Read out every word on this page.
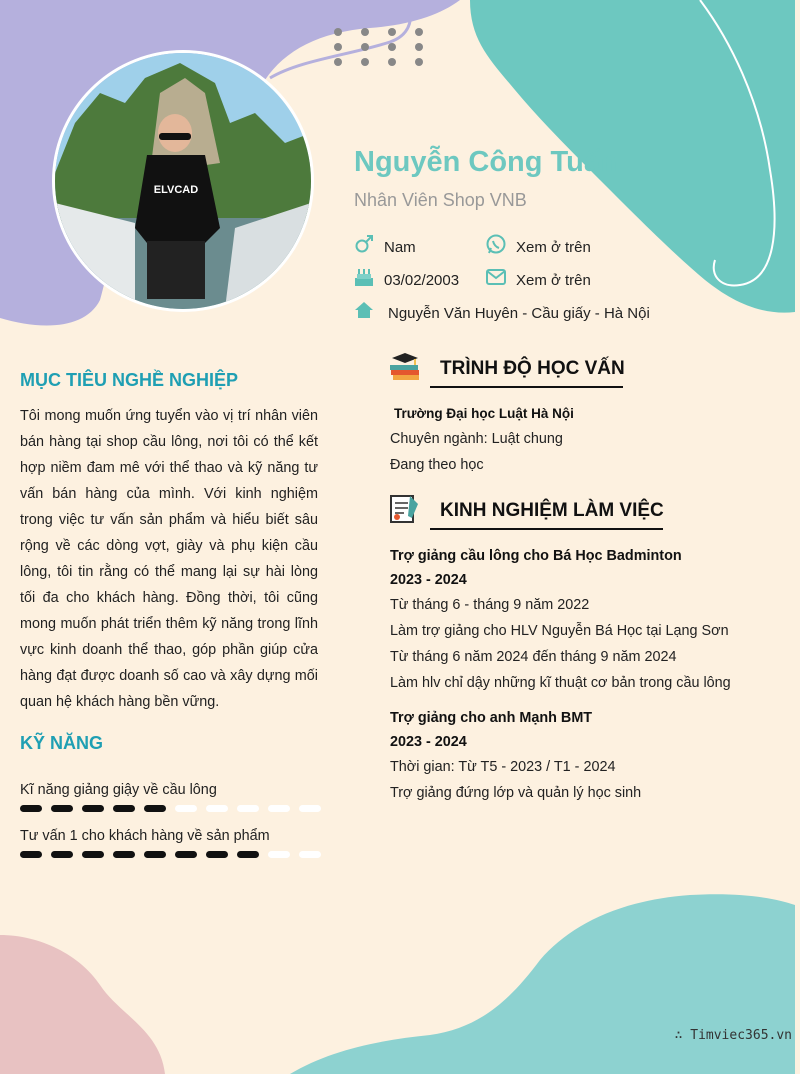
ELVCAD
Nguyễn Công Tuấn
Nhân Viên Shop VNB
Nam	Xem ở trên
03/02/2003	Xem ở trên
Nguyễn Văn Huyên - Cầu giấy - Hà Nội
MỤC TIÊU NGHỀ NGHIỆP
Tôi mong muốn ứng tuyển vào vị trí nhân viên bán hàng tại shop cầu lông, nơi tôi có thể kết hợp niềm đam mê với thể thao và kỹ năng tư vấn bán hàng của mình. Với kinh nghiệm trong việc tư vấn sản phẩm và hiểu biết sâu rộng về các dòng vợt, giày và phụ kiện cầu lông, tôi tin rằng có thể mang lại sự hài lòng tối đa cho khách hàng. Đồng thời, tôi cũng mong muốn phát triển thêm kỹ năng trong lĩnh vực kinh doanh thể thao, góp phần giúp cửa hàng đạt được doanh số cao và xây dựng mối quan hệ khách hàng bền vững.
KỸ NĂNG
Kĩ năng giảng giậy về cầu lông
Tư vấn 1 cho khách hàng về sản phẩm
TRÌNH ĐỘ HỌC VẤN
Trường Đại học Luật Hà Nội
Chuyên ngành: Luật chung
Đang theo học
KINH NGHIỆM LÀM VIỆC
Trợ giảng cầu lông cho Bá Học Badminton
2023 - 2024
Từ tháng 6 - tháng 9 năm 2022
Làm trợ giảng cho HLV Nguyễn Bá Học tại Lạng Sơn
Từ tháng 6 năm 2024 đến tháng 9 năm 2024
Làm hlv chỉ dậy những kĩ thuật cơ bản trong cầu lông
Trợ giảng cho anh Mạnh BMT
2023 - 2024
Thời gian: Từ T5 - 2023 / T1 - 2024
Trợ giảng đứng lớp và quản lý học sinh
∴ Timviec365.vn
